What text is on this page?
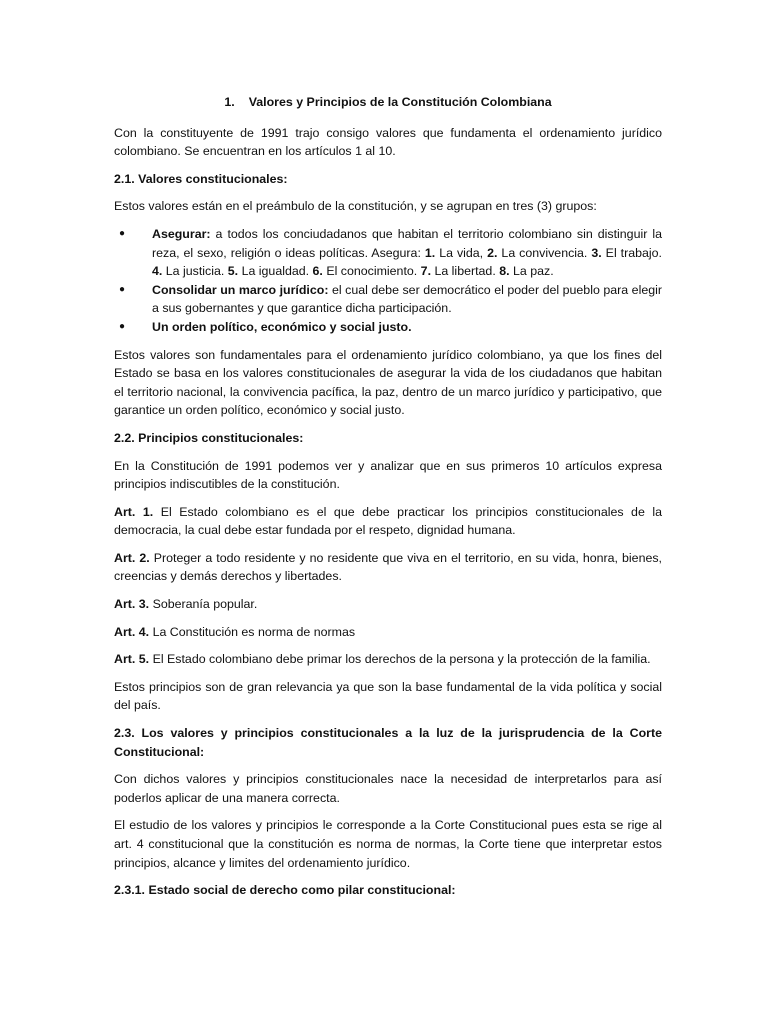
1. Valores y Principios de la Constitución Colombiana

Con la constituyente de 1991 trajo consigo valores que fundamenta el ordenamiento jurídico colombiano. Se encuentran en los artículos 1 al 10.

2.1. Valores constitucionales:

Estos valores están en el preámbulo de la constitución, y se agrupan en tres (3) grupos:

● Asegurar: a todos los conciudadanos que habitan el territorio colombiano sin distinguir la reza, el sexo, religión o ideas políticas. Asegura: 1. La vida, 2. La convivencia. 3. El trabajo. 4. La justicia. 5. La igualdad. 6. El conocimiento. 7. La libertad. 8. La paz.
● Consolidar un marco jurídico: el cual debe ser democrático el poder del pueblo para elegir a sus gobernantes y que garantice dicha participación.
● Un orden político, económico y social justo.

Estos valores son fundamentales para el ordenamiento jurídico colombiano, ya que los fines del Estado se basa en los valores constitucionales de asegurar la vida de los ciudadanos que habitan el territorio nacional, la convivencia pacífica, la paz, dentro de un marco jurídico y participativo, que garantice un orden político, económico y social justo.

2.2. Principios constitucionales:

En la Constitución de 1991 podemos ver y analizar que en sus primeros 10 artículos expresa principios indiscutibles de la constitución.

Art. 1. El Estado colombiano es el que debe practicar los principios constitucionales de la democracia, la cual debe estar fundada por el respeto, dignidad humana.

Art. 2. Proteger a todo residente y no residente que viva en el territorio, en su vida, honra, bienes, creencias y demás derechos y libertades.

Art. 3. Soberanía popular.

Art. 4. La Constitución es norma de normas

Art. 5. El Estado colombiano debe primar los derechos de la persona y la protección de la familia.

Estos principios son de gran relevancia ya que son la base fundamental de la vida política y social del país.

2.3. Los valores y principios constitucionales a la luz de la jurisprudencia de la Corte Constitucional:

Con dichos valores y principios constitucionales nace la necesidad de interpretarlos para así poderlos aplicar de una manera correcta.

El estudio de los valores y principios le corresponde a la Corte Constitucional pues esta se rige al art. 4 constitucional que la constitución es norma de normas, la Corte tiene que interpretar estos principios, alcance y limites del ordenamiento jurídico.

2.3.1. Estado social de derecho como pilar constitucional:
